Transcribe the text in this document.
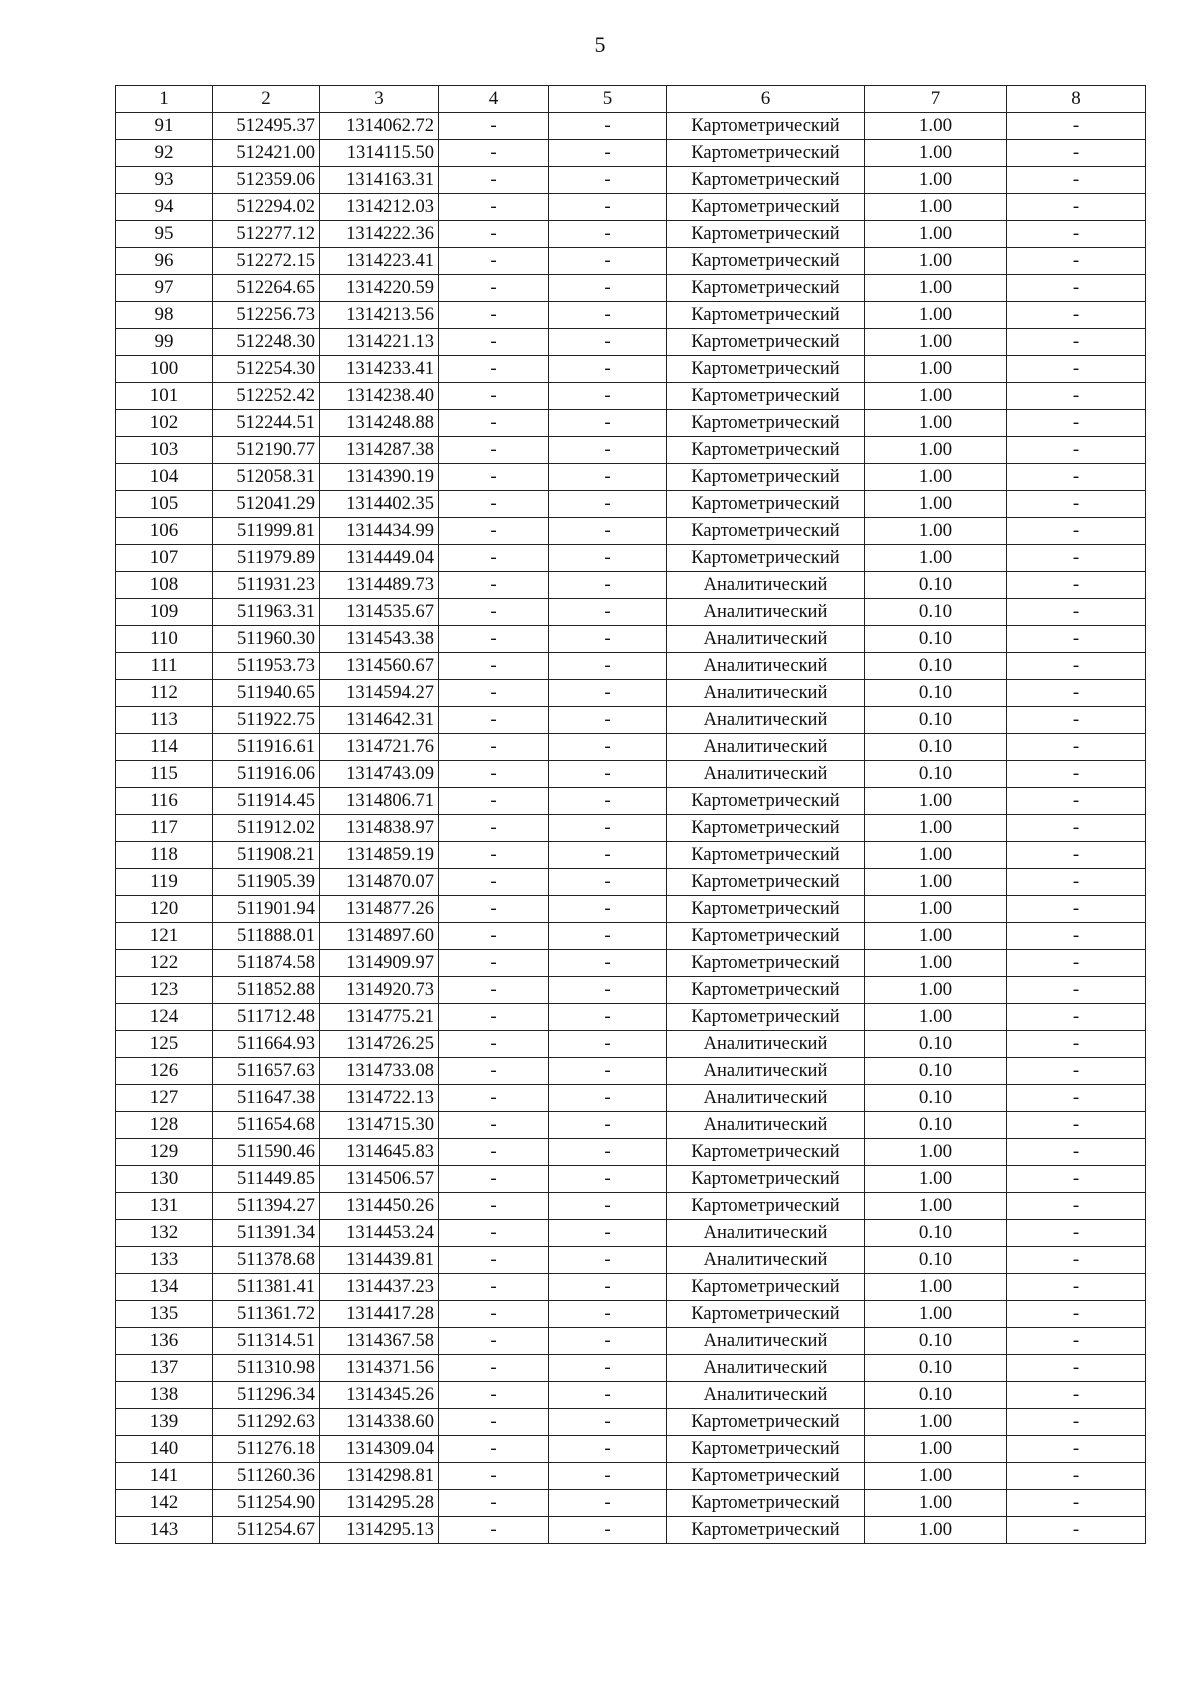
5
1	2	3	4	5	6	7	8
91	512495.37	1314062.72	-	-	Картометрический	1.00	-
92	512421.00	1314115.50	-	-	Картометрический	1.00	-
93	512359.06	1314163.31	-	-	Картометрический	1.00	-
94	512294.02	1314212.03	-	-	Картометрический	1.00	-
95	512277.12	1314222.36	-	-	Картометрический	1.00	-
96	512272.15	1314223.41	-	-	Картометрический	1.00	-
97	512264.65	1314220.59	-	-	Картометрический	1.00	-
98	512256.73	1314213.56	-	-	Картометрический	1.00	-
99	512248.30	1314221.13	-	-	Картометрический	1.00	-
100	512254.30	1314233.41	-	-	Картометрический	1.00	-
101	512252.42	1314238.40	-	-	Картометрический	1.00	-
102	512244.51	1314248.88	-	-	Картометрический	1.00	-
103	512190.77	1314287.38	-	-	Картометрический	1.00	-
104	512058.31	1314390.19	-	-	Картометрический	1.00	-
105	512041.29	1314402.35	-	-	Картометрический	1.00	-
106	511999.81	1314434.99	-	-	Картометрический	1.00	-
107	511979.89	1314449.04	-	-	Картометрический	1.00	-
108	511931.23	1314489.73	-	-	Аналитический	0.10	-
109	511963.31	1314535.67	-	-	Аналитический	0.10	-
110	511960.30	1314543.38	-	-	Аналитический	0.10	-
111	511953.73	1314560.67	-	-	Аналитический	0.10	-
112	511940.65	1314594.27	-	-	Аналитический	0.10	-
113	511922.75	1314642.31	-	-	Аналитический	0.10	-
114	511916.61	1314721.76	-	-	Аналитический	0.10	-
115	511916.06	1314743.09	-	-	Аналитический	0.10	-
116	511914.45	1314806.71	-	-	Картометрический	1.00	-
117	511912.02	1314838.97	-	-	Картометрический	1.00	-
118	511908.21	1314859.19	-	-	Картометрический	1.00	-
119	511905.39	1314870.07	-	-	Картометрический	1.00	-
120	511901.94	1314877.26	-	-	Картометрический	1.00	-
121	511888.01	1314897.60	-	-	Картометрический	1.00	-
122	511874.58	1314909.97	-	-	Картометрический	1.00	-
123	511852.88	1314920.73	-	-	Картометрический	1.00	-
124	511712.48	1314775.21	-	-	Картометрический	1.00	-
125	511664.93	1314726.25	-	-	Аналитический	0.10	-
126	511657.63	1314733.08	-	-	Аналитический	0.10	-
127	511647.38	1314722.13	-	-	Аналитический	0.10	-
128	511654.68	1314715.30	-	-	Аналитический	0.10	-
129	511590.46	1314645.83	-	-	Картометрический	1.00	-
130	511449.85	1314506.57	-	-	Картометрический	1.00	-
131	511394.27	1314450.26	-	-	Картометрический	1.00	-
132	511391.34	1314453.24	-	-	Аналитический	0.10	-
133	511378.68	1314439.81	-	-	Аналитический	0.10	-
134	511381.41	1314437.23	-	-	Картометрический	1.00	-
135	511361.72	1314417.28	-	-	Картометрический	1.00	-
136	511314.51	1314367.58	-	-	Аналитический	0.10	-
137	511310.98	1314371.56	-	-	Аналитический	0.10	-
138	511296.34	1314345.26	-	-	Аналитический	0.10	-
139	511292.63	1314338.60	-	-	Картометрический	1.00	-
140	511276.18	1314309.04	-	-	Картометрический	1.00	-
141	511260.36	1314298.81	-	-	Картометрический	1.00	-
142	511254.90	1314295.28	-	-	Картометрический	1.00	-
143	511254.67	1314295.13	-	-	Картометрический	1.00	-
